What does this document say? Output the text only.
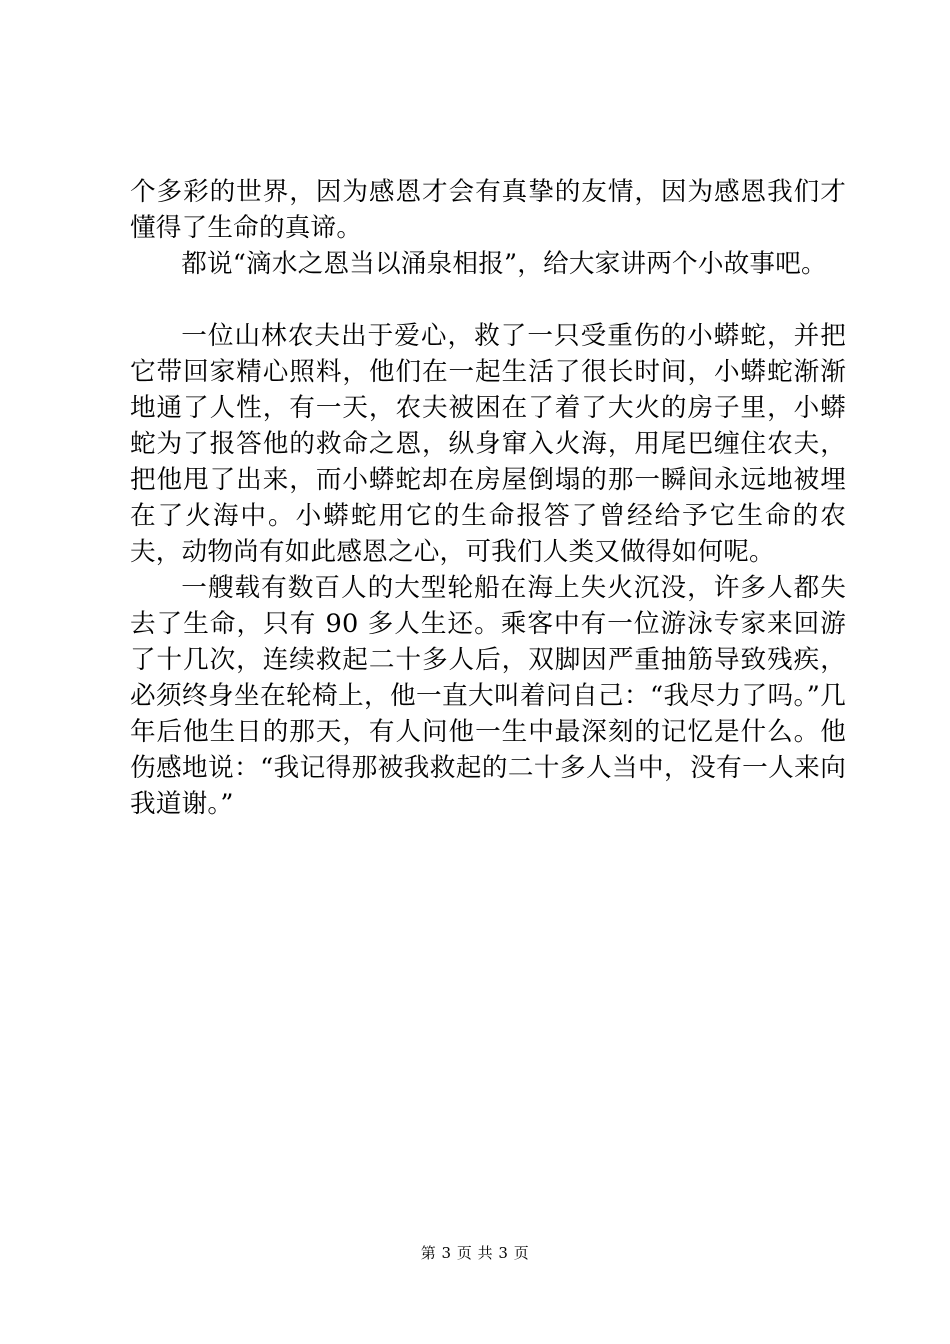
个多彩的世界，因为感恩才会有真挚的友情，因为感恩我们才懂得了生命的真谛。

都说“滴水之恩当以涌泉相报”，给大家讲两个小故事吧。

一位山林农夫出于爱心，救了一只受重伤的小蟒蛇，并把它带回家精心照料，他们在一起生活了很长时间，小蟒蛇渐渐地通了人性，有一天，农夫被困在了着了大火的房子里，小蟒蛇为了报答他的救命之恩，纵身窜入火海，用尾巴缠住农夫，把他甩了出来，而小蟒蛇却在房屋倒塌的那一瞬间永远地被埋在了火海中。小蟒蛇用它的生命报答了曾经给予它生命的农夫，动物尚有如此感恩之心，可我们人类又做得如何呢。

一艘载有数百人的大型轮船在海上失火沉没，许多人都失去了生命，只有 90 多人生还。乘客中有一位游泳专家来回游了十几次，连续救起二十多人后，双脚因严重抽筋导致残疾，必须终身坐在轮椅上，他一直大叫着问自己：“我尽力了吗。”几年后他生日的那天，有人问他一生中最深刻的记忆是什么。他伤感地说：“我记得那被我救起的二十多人当中，没有一人来向我道谢。”

第 3 页 共 3 页
